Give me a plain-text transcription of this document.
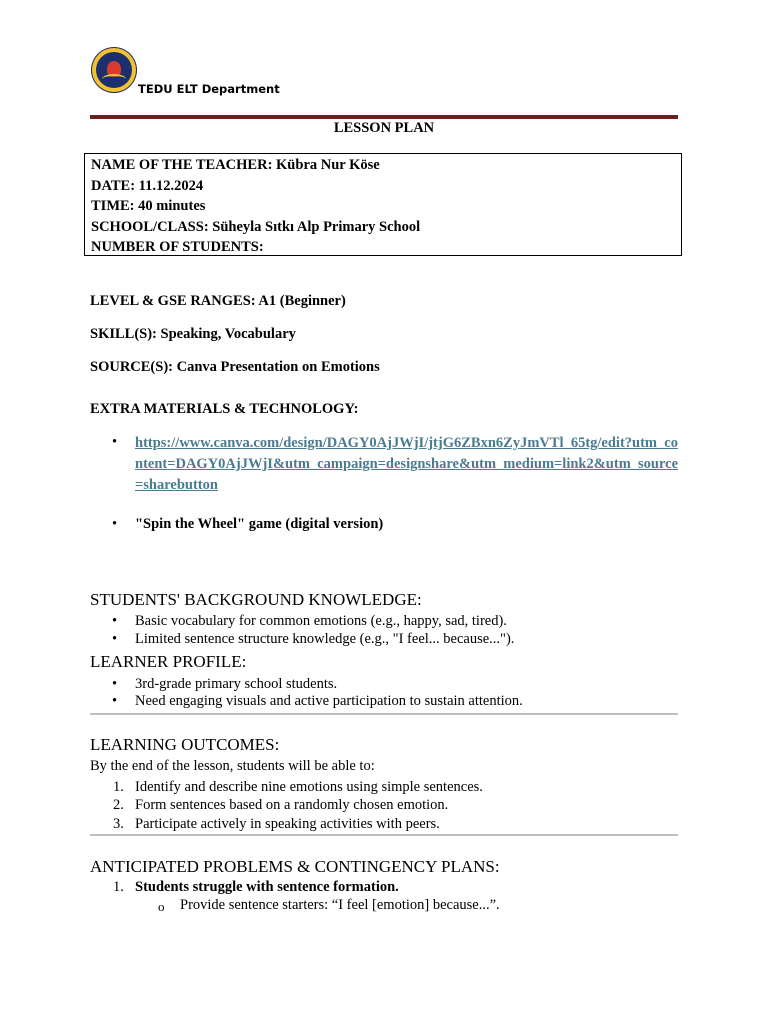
TEDU ELT Department
LESSON PLAN
NAME OF THE TEACHER: Kübra Nur Köse
DATE: 11.12.2024
TIME: 40 minutes
SCHOOL/CLASS: Süheyla Sıtkı Alp Primary School
NUMBER OF STUDENTS:
LEVEL & GSE RANGES: A1 (Beginner)
SKILL(S): Speaking, Vocabulary
SOURCE(S): Canva Presentation on Emotions
EXTRA MATERIALS & TECHNOLOGY:
• https://www.canva.com/design/DAGY0AjJWjI/jtjG6ZBxn6ZyJmVTl_65tg/edit?utm_content=DAGY0AjJWjI&utm_campaign=designshare&utm_medium=link2&utm_source=sharebutton
• "Spin the Wheel" game (digital version)
STUDENTS' BACKGROUND KNOWLEDGE:
• Basic vocabulary for common emotions (e.g., happy, sad, tired).
• Limited sentence structure knowledge (e.g., "I feel... because...").
LEARNER PROFILE:
• 3rd-grade primary school students.
• Need engaging visuals and active participation to sustain attention.
LEARNING OUTCOMES:
By the end of the lesson, students will be able to:
1. Identify and describe nine emotions using simple sentences.
2. Form sentences based on a randomly chosen emotion.
3. Participate actively in speaking activities with peers.
ANTICIPATED PROBLEMS & CONTINGENCY PLANS:
1. Students struggle with sentence formation.
o Provide sentence starters: “I feel [emotion] because...”.
